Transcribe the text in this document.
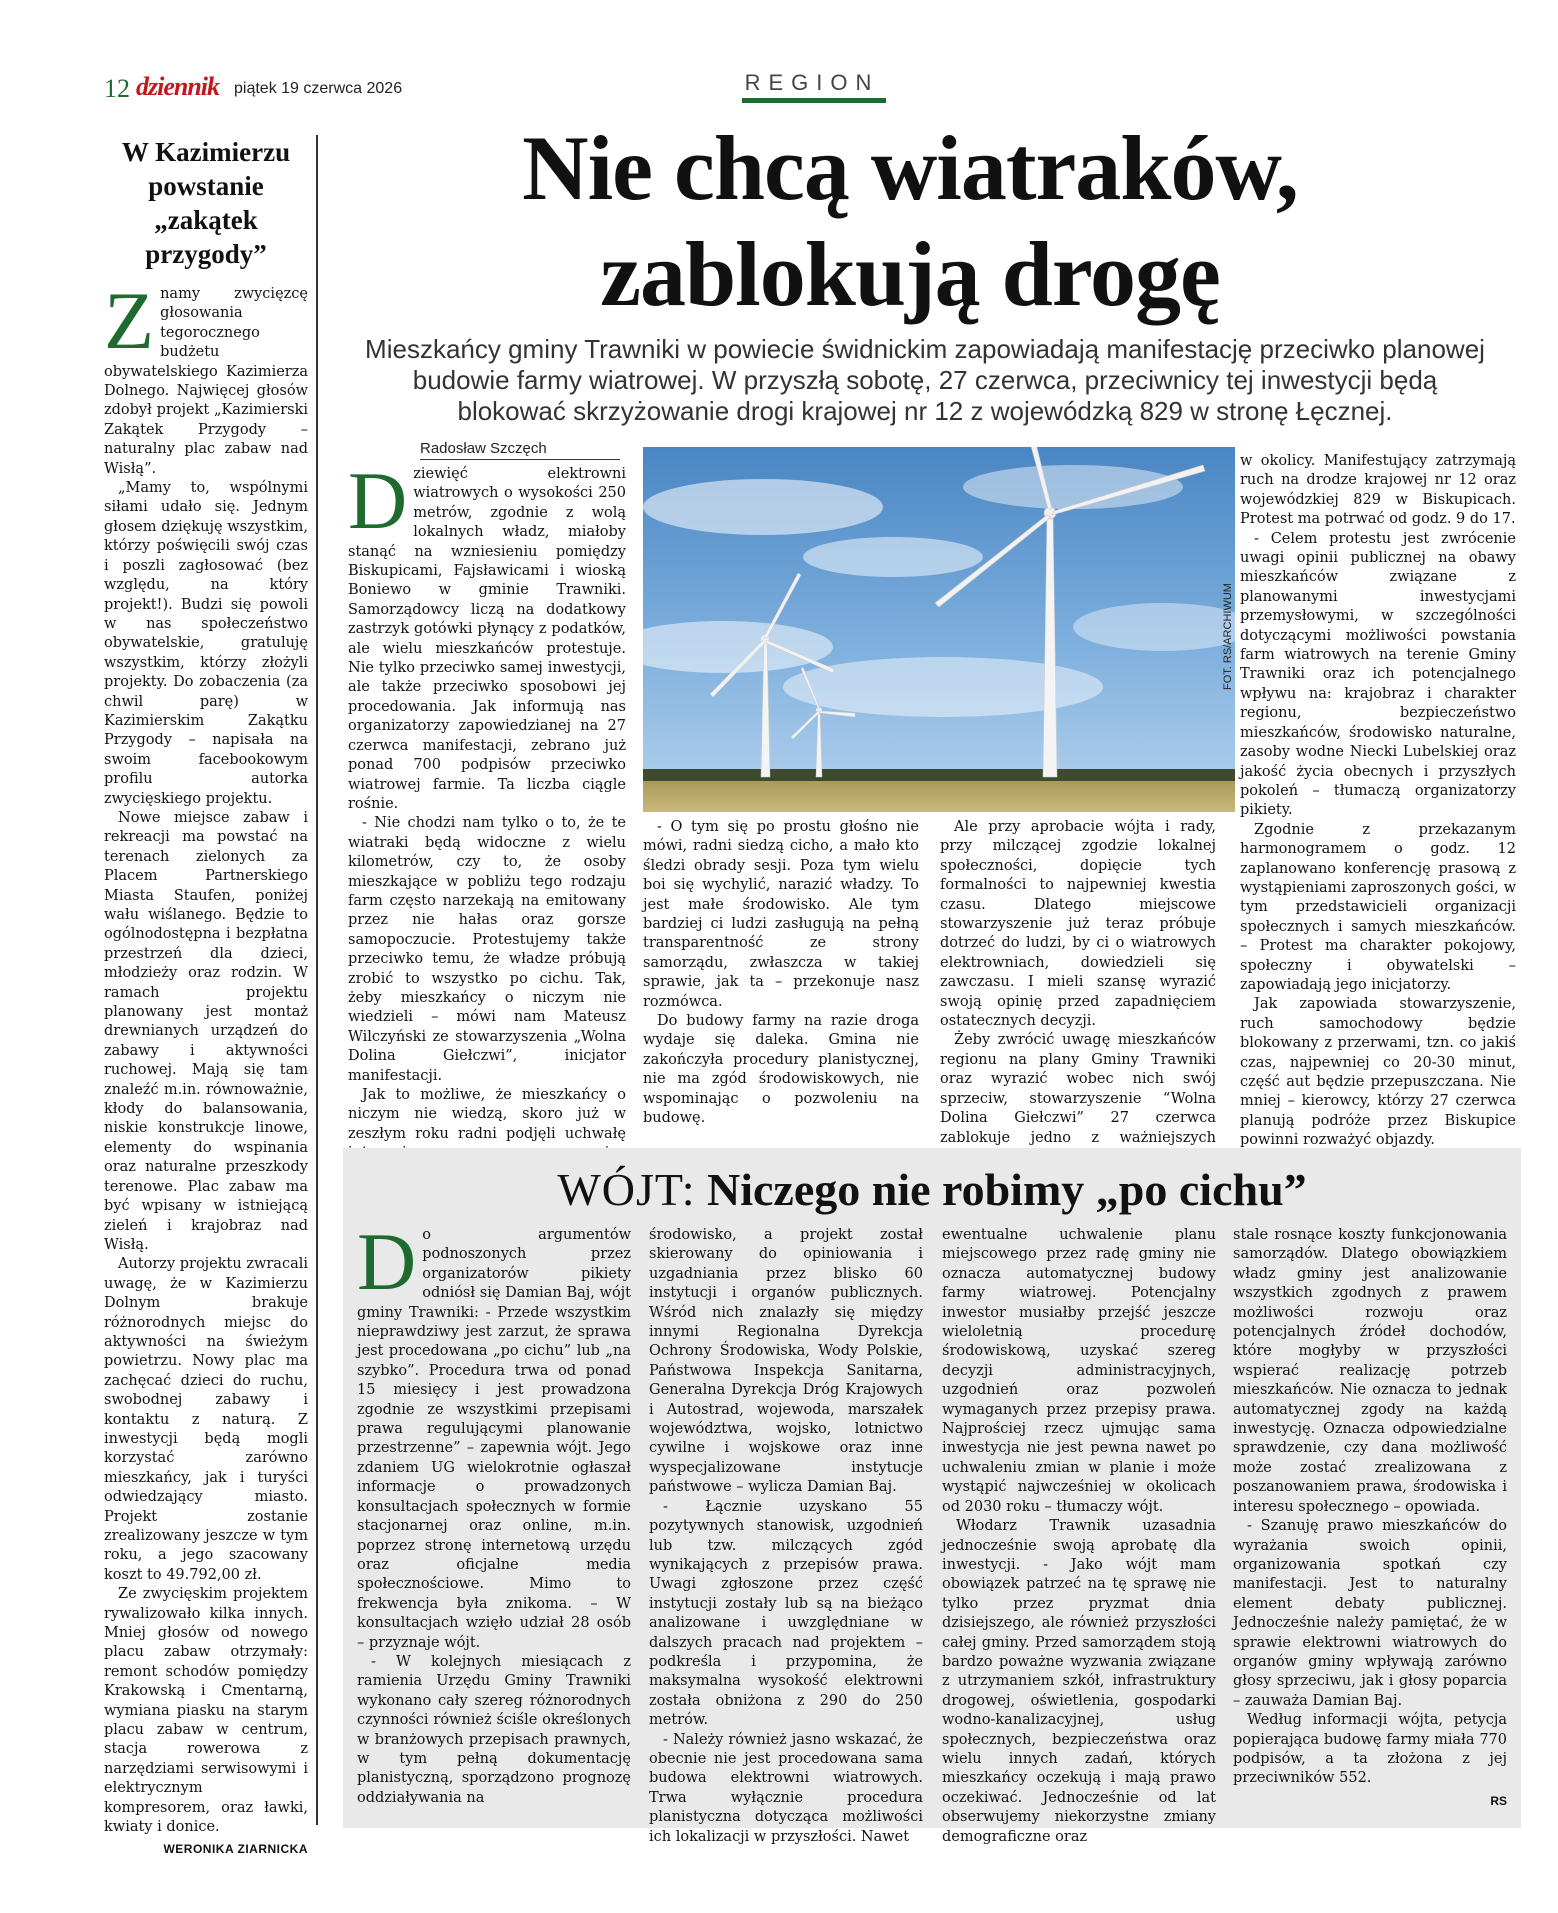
12 dziennik piątek 19 czerwca 2026	REGION
W Kazimierzu powstanie „zakątek przygody”

Znamy zwycięzcę głosowania tegorocznego budżetu obywatelskiego Kazimierza Dolnego. Najwięcej głosów zdobył projekt „Kazimierski Zakątek Przygody – naturalny plac zabaw nad Wisłą”.

„Mamy to, wspólnymi siłami udało się. Jednym głosem dziękuję wszystkim, którzy poświęcili swój czas i poszli zagłosować (bez względu, na który projekt!). Budzi się powoli w nas społeczeństwo obywatelskie, gratuluję wszystkim, którzy złożyli projekty. Do zobaczenia (za chwil parę) w Kazimierskim Zakątku Przygody – napisała na swoim facebookowym profilu autorka zwycięskiego projektu.

Nowe miejsce zabaw i rekreacji ma powstać na terenach zielonych za Placem Partnerskiego Miasta Staufen, poniżej wału wiślanego. Będzie to ogólnodostępna i bezpłatna przestrzeń dla dzieci, młodzieży oraz rodzin. W ramach projektu planowany jest montaż drewnianych urządzeń do zabawy i aktywności ruchowej. Mają się tam znaleźć m.in. równoważnie, kłody do balansowania, niskie konstrukcje linowe, elementy do wspinania oraz naturalne przeszkody terenowe. Plac zabaw ma być wpisany w istniejącą zieleń i krajobraz nad Wisłą.

Autorzy projektu zwracali uwagę, że w Kazimierzu Dolnym brakuje różnorodnych miejsc do aktywności na świeżym powietrzu. Nowy plac ma zachęcać dzieci do ruchu, swobodnej zabawy i kontaktu z naturą. Z inwestycji będą mogli korzystać zarówno mieszkańcy, jak i turyści odwiedzający miasto. Projekt zostanie zrealizowany jeszcze w tym roku, a jego szacowany koszt to 49.792,00 zł.

Ze zwycięskim projektem rywalizowało kilka innych. Mniej głosów od nowego placu zabaw otrzymały: remont schodów pomiędzy Krakowską i Cmentarną, wymiana piasku na starym placu zabaw w centrum, stacja rowerowa z narzędziami serwisowymi i elektrycznym kompresorem, oraz ławki, kwiaty i donice.

WERONIKA ZIARNICKA
Nie chcą wiatraków,
zablokują drogę

Mieszkańcy gminy Trawniki w powiecie świdnickim zapowiadają manifestację przeciwko planowej budowie farmy wiatrowej. W przyszłą sobotę, 27 czerwca, przeciwnicy tej inwestycji będą blokować skrzyżowanie drogi krajowej nr 12 z wojewódzką 829 w stronę Łęcznej.

Radosław Szczęch
FOT. RS/ARCHIWUM

Dziewięć elektrowni wiatrowych o wysokości 250 metrów, zgodnie z wolą lokalnych władz, miałoby stanąć na wzniesieniu pomiędzy Biskupicami, Fajsławicami i wioską Boniewo w gminie Trawniki. Samorządowcy liczą na dodatkowy zastrzyk gotówki płynący z podatków, ale wielu mieszkańców protestuje. Nie tylko przeciwko samej inwestycji, ale także przeciwko sposobowi jej procedowania. Jak informują nas organizatorzy zapowiedzianej na 27 czerwca manifestacji, zebrano już ponad 700 podpisów przeciwko wiatrowej farmie. Ta liczba ciągle rośnie.

- Nie chodzi nam tylko o to, że te wiatraki będą widoczne z wielu kilometrów, czy to, że osoby mieszkające w pobliżu tego rodzaju farm często narzekają na emitowany przez nie hałas oraz gorsze samopoczucie. Protestujemy także przeciwko temu, że władze próbują zrobić to wszystko po cichu. Tak, żeby mieszkańcy o niczym nie wiedzieli – mówi nam Mateusz Wilczyński ze stowarzyszenia „Wolna Dolina Giełczwi”, inicjator manifestacji.

Jak to możliwe, że mieszkańcy o niczym nie wiedzą, skoro już w zeszłym roku radni podjęli uchwałę

- O tym się po prostu głośno nie mówi, radni siedzą cicho, a mało kto śledzi obrady sesji. Poza tym wielu boi się wychylić, narazić władzy. To jest małe środowisko. Ale tym bardziej ci ludzi zasługują na pełną transparentność ze strony samorządu, zwłaszcza w takiej sprawie, jak ta – przekonuje nasz rozmówca.

Do budowy farmy na razie droga wydaje się daleka. Gmina nie zakończyła procedury planistycznej, nie ma zgód środowiskowych, nie wspominając o pozwoleniu na budowę.

Ale przy aprobacie wójta i rady, przy milczącej zgodzie lokalnej społeczności, dopięcie tych formalności to najpewniej kwestia czasu. Dlatego miejscowe stowarzyszenie już teraz próbuje dotrzeć do ludzi, by ci o wiatrowych elektrowniach, dowiedzieli się zawczasu. I mieli szansę wyrazić swoją opinię przed zapadnięciem ostatecznych decyzji.

Żeby zwrócić uwagę mieszkańców regionu na plany Gminy Trawniki oraz wyrazić wobec nich swój sprzeciw, stowarzyszenie “Wolna Dolina Giełczwi” 27 czerwca zablokuje jedno z ważniejszych

w okolicy. Manifestujący zatrzymają ruch na drodze krajowej nr 12 oraz wojewódzkiej 829 w Biskupicach. Protest ma potrwać od godz. 9 do 17.

- Celem protestu jest zwrócenie uwagi opinii publicznej na obawy mieszkańców związane z planowanymi inwestycjami przemysłowymi, w szczególności dotyczącymi możliwości powstania farm wiatrowych na terenie Gminy Trawniki oraz ich potencjalnego wpływu na: krajobraz i charakter regionu, bezpieczeństwo mieszkańców, środowisko naturalne, zasoby wodne Niecki Lubelskiej oraz jakość życia obecnych i przyszłych pokoleń – tłumaczą organizatorzy pikiety.

Zgodnie z przekazanym harmonogramem o godz. 12 zaplanowano konferencję prasową z wystąpieniami zaproszonych gości, w tym przedstawicieli organizacji społecznych i samych mieszkańców. – Protest ma charakter pokojowy, społeczny i obywatelski – zapowiadają jego inicjatorzy.

Jak zapowiada stowarzyszenie, ruch samochodowy będzie blokowany z przerwami, tzn. co jakiś czas, najpewniej co 20-30 minut, część aut będzie przepuszczana. Nie mniej – kierowcy, którzy 27 czerwca planują podróże przez Biskupice powinni rozważyć objazdy.

WÓJT: Niczego nie robimy „po cichu”

Do argumentów podnoszonych przez organizatorów pikiety odniósł się Damian Baj, wójt gminy Trawniki: - Przede wszystkim nieprawdziwy jest zarzut, że sprawa jest procedowana „po cichu” lub „na szybko”. Procedura trwa od ponad 15 miesięcy i jest prowadzona zgodnie ze wszystkimi przepisami prawa regulującymi planowanie przestrzenne” – zapewnia wójt. Jego zdaniem UG wielokrotnie ogłaszał informacje o prowadzonych konsultacjach społecznych w formie stacjonarnej oraz online, m.in. poprzez stronę internetową urzędu oraz oficjalne media społecznościowe. Mimo to frekwencja była znikoma. – W konsultacjach wzięło udział 28 osób – przyznaje wójt.

- W kolejnych miesiącach z ramienia Urzędu Gminy Trawniki wykonano cały szereg różnorodnych czynności również ściśle określonych w branżowych przepisach prawnych, w tym pełną dokumentację planistyczną, sporządzono prognozę oddziaływania na

środowisko, a projekt został skierowany do opiniowania i uzgadniania przez blisko 60 instytucji i organów publicznych. Wśród nich znalazły się między innymi Regionalna Dyrekcja Ochrony Środowiska, Wody Polskie, Państwowa Inspekcja Sanitarna, Generalna Dyrekcja Dróg Krajowych i Autostrad, wojewoda, marszałek województwa, wojsko, lotnictwo cywilne i wojskowe oraz inne wyspecjalizowane instytucje państwowe – wylicza Damian Baj.

- Łącznie uzyskano 55 pozytywnych stanowisk, uzgodnień lub tzw. milczących zgód wynikających z przepisów prawa. Uwagi zgłoszone przez część instytucji zostały lub są na bieżąco analizowane i uwzględniane w dalszych pracach nad projektem – podkreśla i przypomina, że maksymalna wysokość elektrowni została obniżona z 290 do 250 metrów.

- Należy również jasno wskazać, że obecnie nie jest procedowana sama budowa elektrowni wiatrowych. Trwa wyłącznie procedura planistyczna dotycząca możliwości ich lokalizacji w przyszłości. Nawet

ewentualne uchwalenie planu miejscowego przez radę gminy nie oznacza automatycznej budowy farmy wiatrowej. Potencjalny inwestor musiałby przejść jeszcze wieloletnią procedurę środowiskową, uzyskać szereg decyzji administracyjnych, uzgodnień oraz pozwoleń wymaganych przez przepisy prawa. Najprościej rzecz ujmując sama inwestycja nie jest pewna nawet po uchwaleniu zmian w planie i może wystąpić najwcześniej w okolicach od 2030 roku – tłumaczy wójt.

Włodarz Trawnik uzasadnia jednocześnie swoją aprobatę dla inwestycji. - Jako wójt mam obowiązek patrzeć na tę sprawę nie tylko przez pryzmat dnia dzisiejszego, ale również przyszłości całej gminy. Przed samorządem stoją bardzo poważne wyzwania związane z utrzymaniem szkół, infrastruktury drogowej, oświetlenia, gospodarki wodno-kanalizacyjnej, usług społecznych, bezpieczeństwa oraz wielu innych zadań, których mieszkańcy oczekują i mają prawo oczekiwać. Jednocześnie od lat obserwujemy niekorzystne zmiany demograficzne oraz

stale rosnące koszty funkcjonowania samorządów. Dlatego obowiązkiem władz gminy jest analizowanie wszystkich zgodnych z prawem możliwości rozwoju oraz potencjalnych źródeł dochodów, które mogłyby w przyszłości wspierać realizację potrzeb mieszkańców. Nie oznacza to jednak automatycznej zgody na każdą inwestycję. Oznacza odpowiedzialne sprawdzenie, czy dana możliwość może zostać zrealizowana z poszanowaniem prawa, środowiska i interesu społecznego – opowiada.

- Szanuję prawo mieszkańców do wyrażania swoich opinii, organizowania spotkań czy manifestacji. Jest to naturalny element debaty publicznej. Jednocześnie należy pamiętać, że w sprawie elektrowni wiatrowych do organów gminy wpływają zarówno głosy sprzeciwu, jak i głosy poparcia – zauważa Damian Baj.

Według informacji wójta, petycja popierająca budowę farmy miała 770 podpisów, a ta złożona z jej przeciwników 552.

RS
